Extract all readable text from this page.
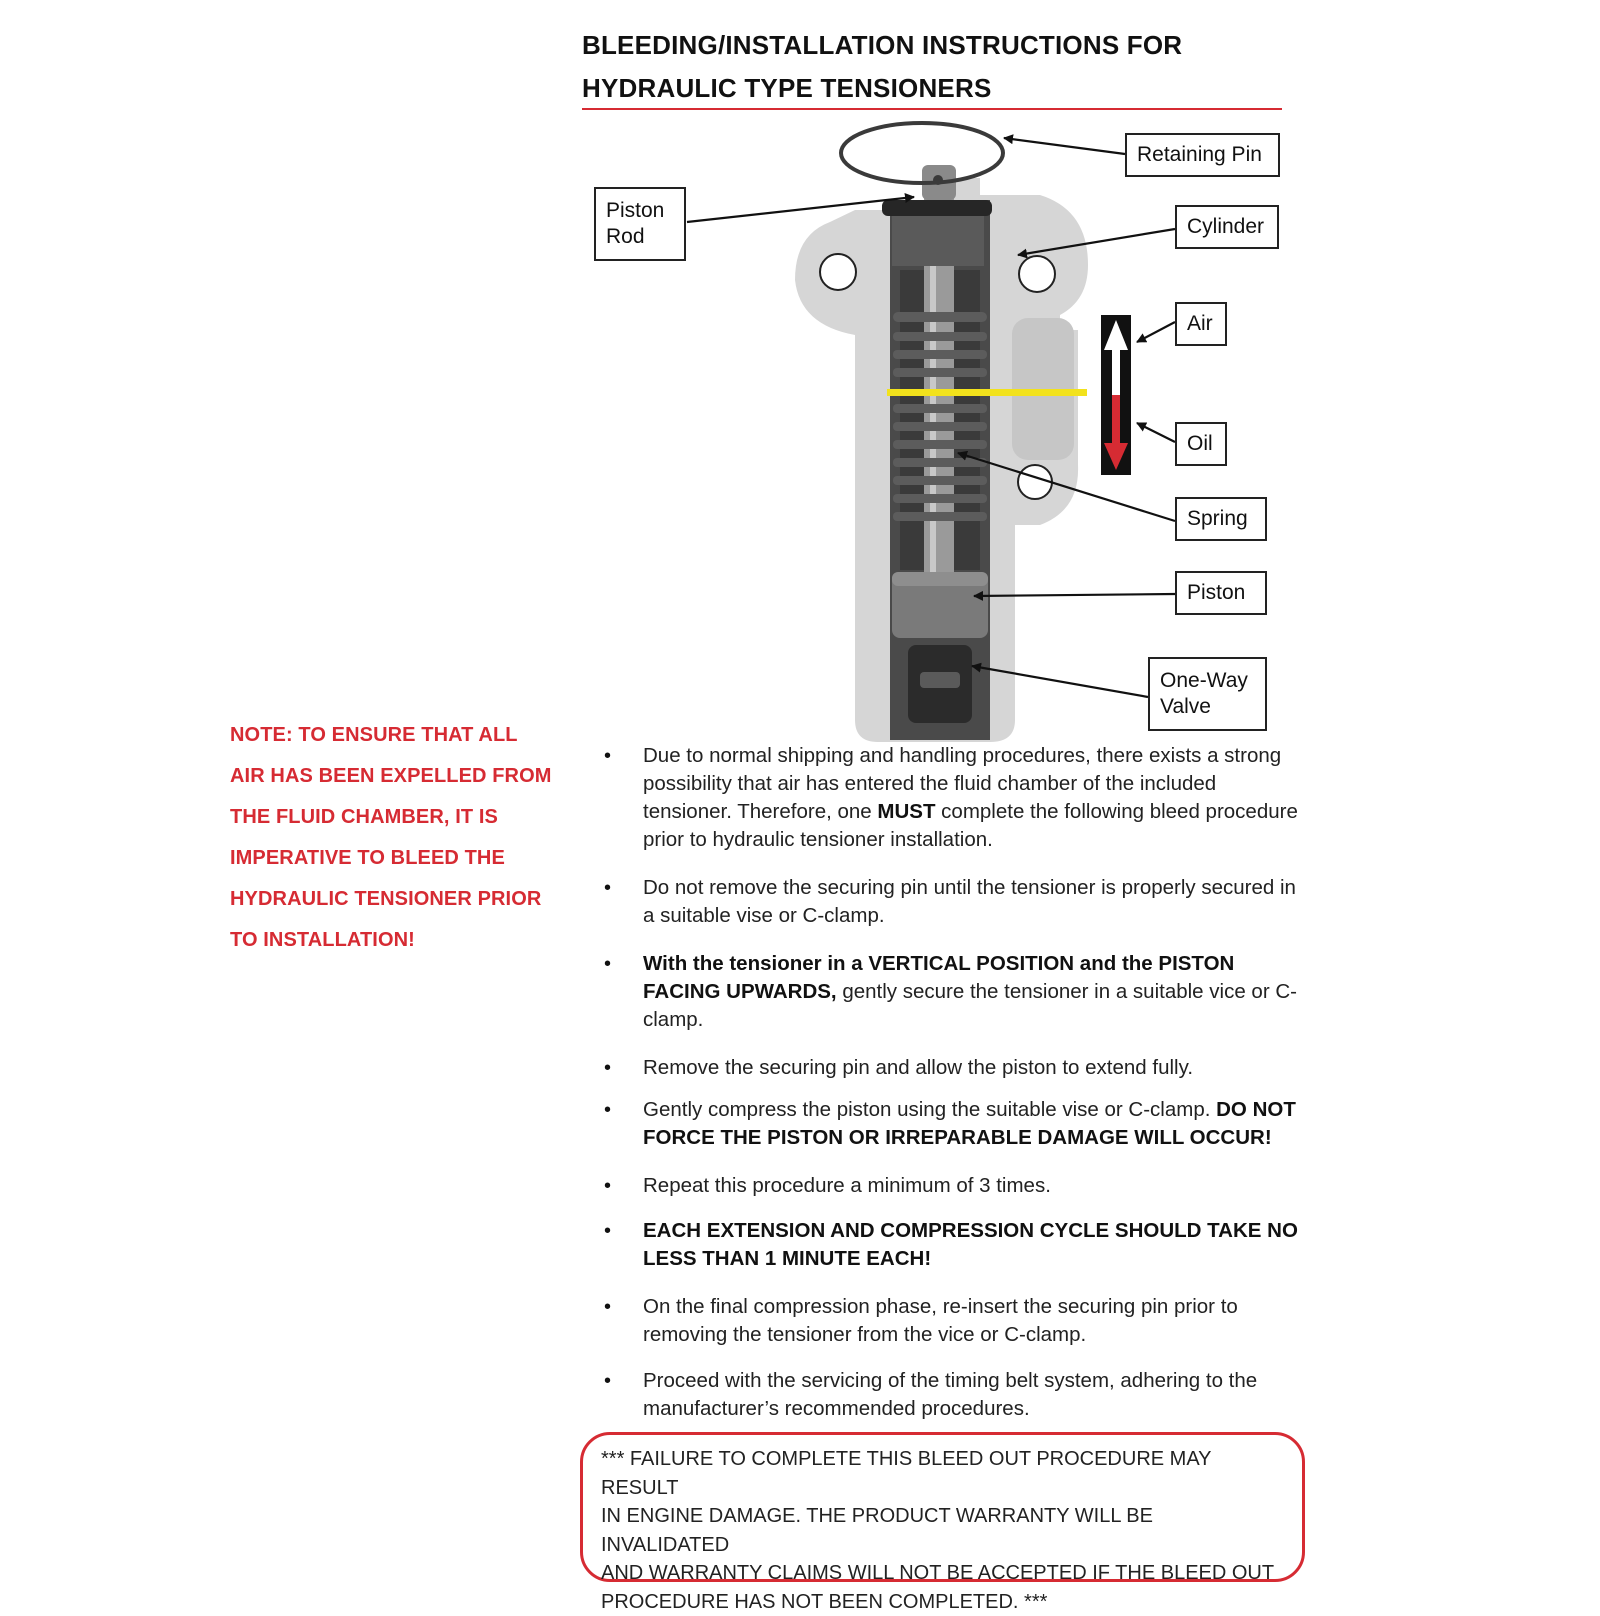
BLEEDING/INSTALLATION INSTRUCTIONS FOR
HYDRAULIC TYPE TENSIONERS
Retaining Pin
Piston
Rod	Cylinder
Air
Oil
Spring
Piston
One-Way
Valve
NOTE: TO ENSURE THAT ALL
AIR HAS BEEN EXPELLED FROM
THE FLUID CHAMBER, IT IS
IMPERATIVE TO BLEED THE
HYDRAULIC TENSIONER PRIOR
TO INSTALLATION!
• Due to normal shipping and handling procedures, there exists a strong possibility that air has entered the fluid chamber of the included tensioner. Therefore, one MUST complete the following bleed procedure prior to hydraulic tensioner installation.
• Do not remove the securing pin until the tensioner is properly secured in a suitable vise or C-clamp.
• With the tensioner in a VERTICAL POSITION and the PISTON FACING UPWARDS, gently secure the tensioner in a suitable vice or C-clamp.
• Remove the securing pin and allow the piston to extend fully.
• Gently compress the piston using the suitable vise or C-clamp. DO NOT FORCE THE PISTON OR IRREPARABLE DAMAGE WILL OCCUR!
• Repeat this procedure a minimum of 3 times.
• EACH EXTENSION AND COMPRESSION CYCLE SHOULD TAKE NO LESS THAN 1 MINUTE EACH!
• On the final compression phase, re-insert the securing pin prior to removing the tensioner from the vice or C-clamp.
• Proceed with the servicing of the timing belt system, adhering to the manufacturer’s recommended procedures.
*** FAILURE TO COMPLETE THIS BLEED OUT PROCEDURE MAY RESULT
IN ENGINE DAMAGE. THE PRODUCT WARRANTY WILL BE INVALIDATED
AND WARRANTY CLAIMS WILL NOT BE ACCEPTED IF THE BLEED OUT
PROCEDURE HAS NOT BEEN COMPLETED. ***
